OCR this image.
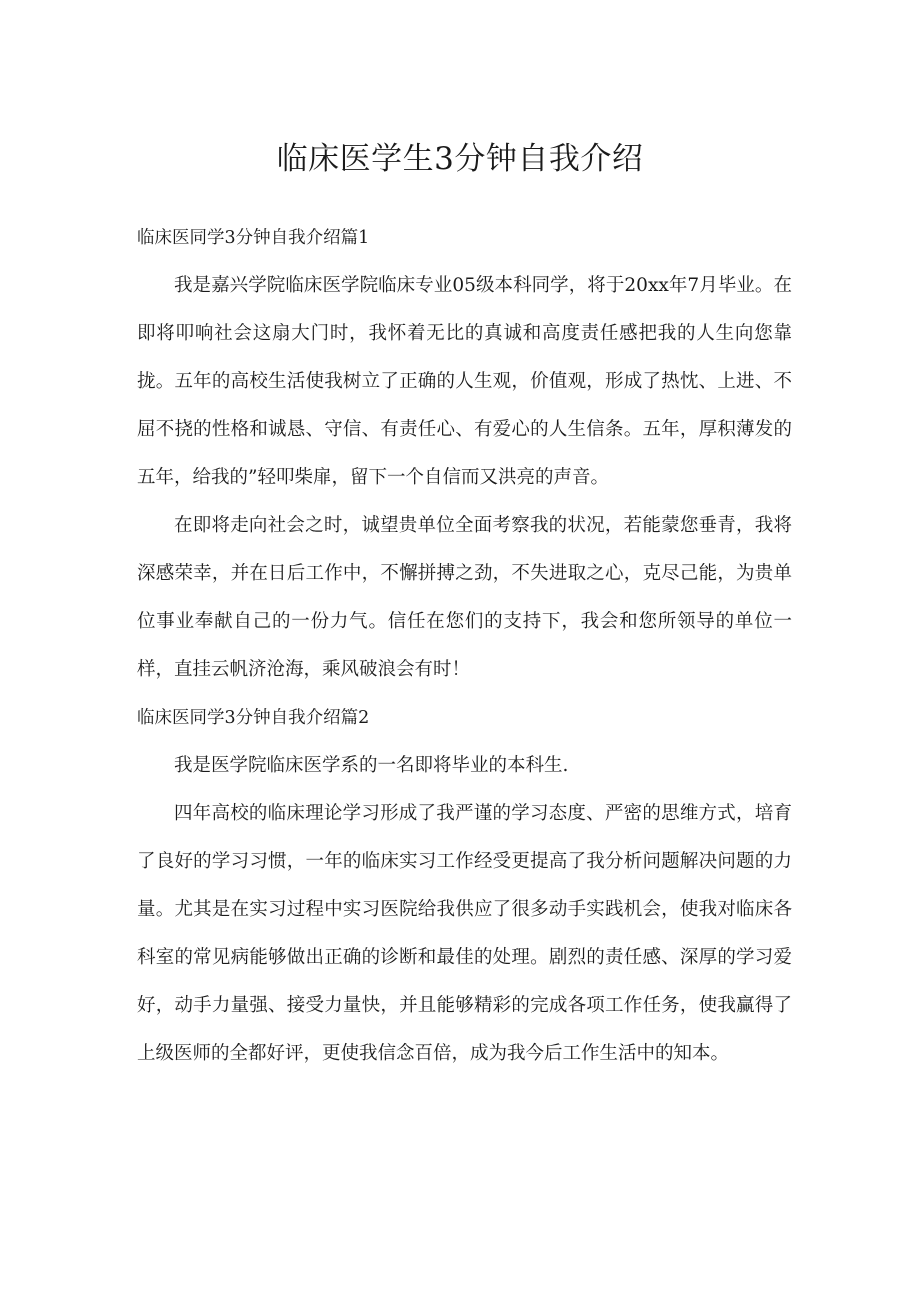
临床医学生3分钟自我介绍
临床医同学3分钟自我介绍篇1

我是嘉兴学院临床医学院临床专业05级本科同学，将于20xx年7月毕业。在即将叩响社会这扇大门时，我怀着无比的真诚和高度责任感把我的人生向您靠拢。五年的高校生活使我树立了正确的人生观，价值观，形成了热忱、上进、不屈不挠的性格和诚恳、守信、有责任心、有爱心的人生信条。五年，厚积薄发的五年，给我的”轻叩柴扉，留下一个自信而又洪亮的声音。

在即将走向社会之时，诚望贵单位全面考察我的状况，若能蒙您垂青，我将深感荣幸，并在日后工作中，不懈拼搏之劲，不失进取之心，克尽己能，为贵单位事业奉献自己的一份力气。信任在您们的支持下，我会和您所领导的单位一样，直挂云帆济沧海，乘风破浪会有时！

临床医同学3分钟自我介绍篇2

我是医学院临床医学系的一名即将毕业的本科生.

四年高校的临床理论学习形成了我严谨的学习态度、严密的思维方式，培育了良好的学习习惯，一年的临床实习工作经受更提高了我分析问题解决问题的力量。尤其是在实习过程中实习医院给我供应了很多动手实践机会，使我对临床各科室的常见病能够做出正确的诊断和最佳的处理。剧烈的责任感、深厚的学习爱好，动手力量强、接受力量快，并且能够精彩的完成各项工作任务，使我赢得了上级医师的全都好评，更使我信念百倍，成为我今后工作生活中的知本。
